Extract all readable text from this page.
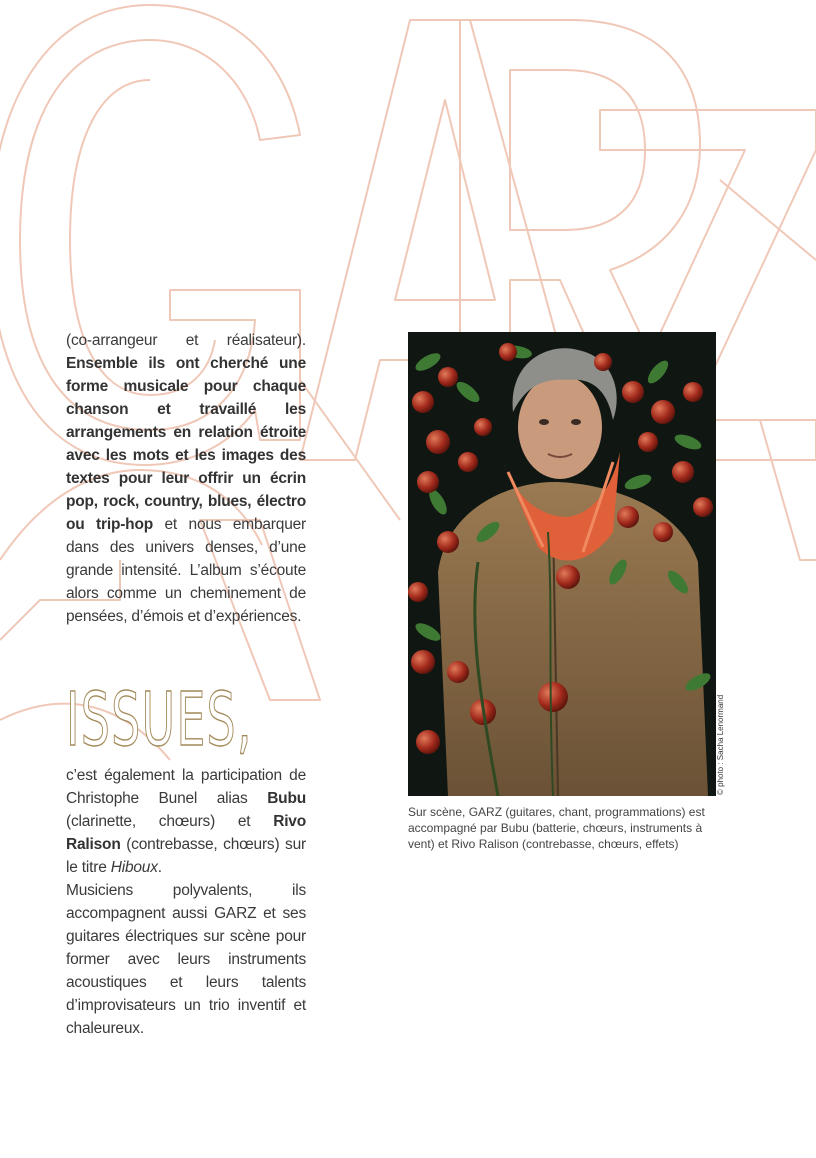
(co-arrangeur et réalisateur). Ensemble ils ont cherché une forme musicale pour chaque chanson et travaillé les arrangements en relation étroite avec les mots et les images des textes pour leur offrir un écrin pop, rock, country, blues, électro ou trip-hop et nous embarquer dans des univers denses, d’une grande intensité. L’album s’écoute alors comme un cheminement de pensées, d’émois et d’expériences.
ISSUES,
c’est également la participation de Christophe Bunel alias Bubu (clarinette, chœurs) et Rivo Ralison (contrebasse, chœurs) sur le titre Hiboux.
Musiciens polyvalents, ils accompagnent aussi GARZ et ses guitares électriques sur scène pour former avec leurs instruments acoustiques et leurs talents d’improvisateurs un trio inventif et chaleureux.
© photo : Sacha Lenormand
Sur scène, GARZ (guitares, chant, programmations) est accompagné par Bubu (batterie, chœurs, instruments à vent) et Rivo Ralison (contrebasse, chœurs, effets)
